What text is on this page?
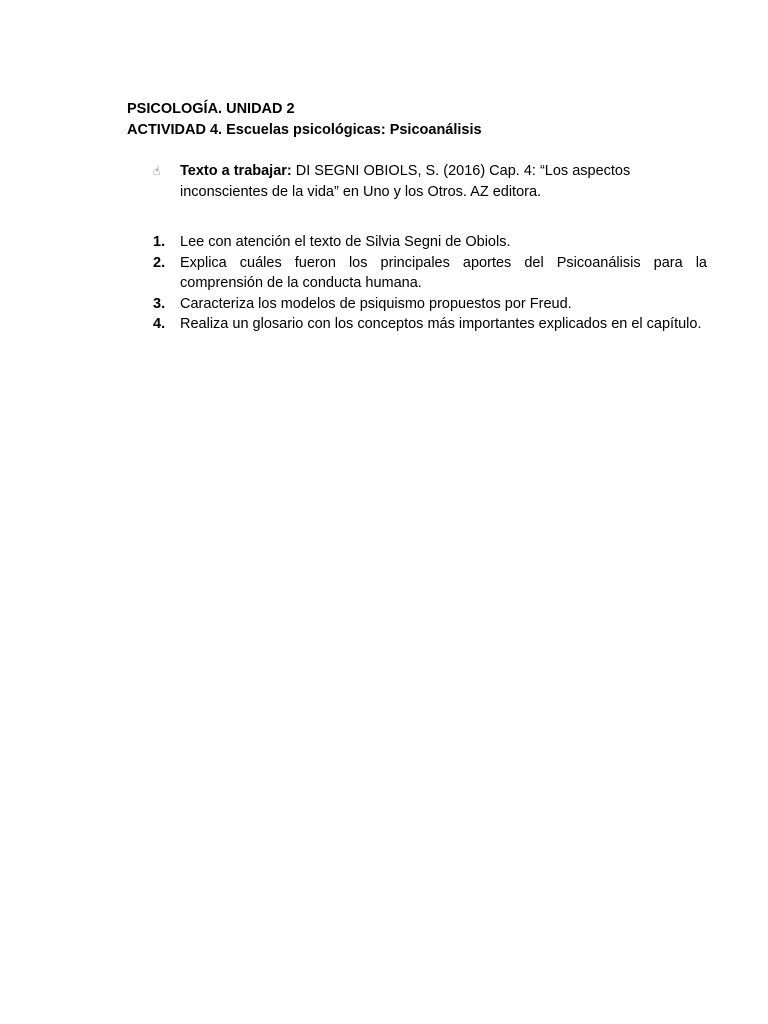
PSICOLOGÍA. UNIDAD 2

ACTIVIDAD 4. Escuelas psicológicas: Psicoanálisis

☝ Texto a trabajar: DI SEGNI OBIOLS, S. (2016) Cap. 4: “Los aspectos inconscientes de la vida” en Uno y los Otros. AZ editora.
1. Lee con atención el texto de Silvia Segni de Obiols.
2. Explica cuáles fueron los principales aportes del Psicoanálisis para la comprensión de la conducta humana.
3. Caracteriza los modelos de psiquismo propuestos por Freud.
4. Realiza un glosario con los conceptos más importantes explicados en el capítulo.
